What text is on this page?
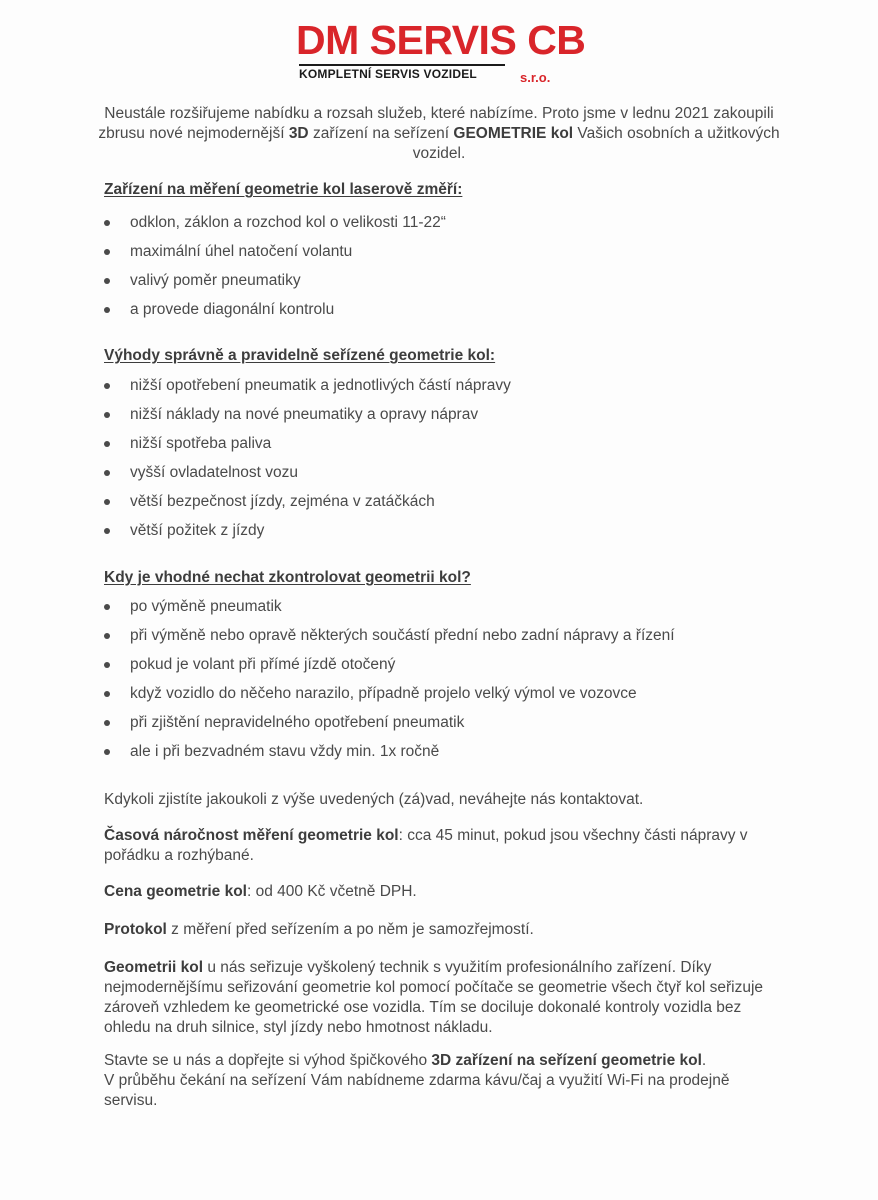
DM SERVIS CB
KOMPLETNÍ SERVIS VOZIDEL	s.r.o.
Neustále rozšiřujeme nabídku a rozsah služeb, které nabízíme. Proto jsme v lednu 2021 zakoupili zbrusu nové nejmodernější 3D zařízení na seřízení GEOMETRIE kol Vašich osobních a užitkových vozidel.
Zařízení na měření geometrie kol laserově změří:
odklon, záklon a rozchod kol o velikosti 11-22“
maximální úhel natočení volantu
valivý poměr pneumatiky
a provede diagonální kontrolu
Výhody správně a pravidelně seřízené geometrie kol:
nižší opotřebení pneumatik a jednotlivých částí nápravy
nižší náklady na nové pneumatiky a opravy náprav
nižší spotřeba paliva
vyšší ovladatelnost vozu
větší bezpečnost jízdy, zejména v zatáčkách
větší požitek z jízdy
Kdy je vhodné nechat zkontrolovat geometrii kol?
po výměně pneumatik
při výměně nebo opravě některých součástí přední nebo zadní nápravy a řízení
pokud je volant při přímé jízdě otočený
když vozidlo do něčeho narazilo, případně projelo velký výmol ve vozovce
při zjištění nepravidelného opotřebení pneumatik
ale i při bezvadném stavu vždy min. 1x ročně
Kdykoli zjistíte jakoukoli z výše uvedených (zá)vad, neváhejte nás kontaktovat.
Časová náročnost měření geometrie kol: cca 45 minut, pokud jsou všechny části nápravy v pořádku a rozhýbané.
Cena geometrie kol: od 400 Kč včetně DPH.
Protokol z měření před seřízením a po něm je samozřejmostí.
Geometrii kol u nás seřizuje vyškolený technik s využitím profesionálního zařízení. Díky nejmodernějšímu seřizování geometrie kol pomocí počítače se geometrie všech čtyř kol seřizuje zároveň vzhledem ke geometrické ose vozidla. Tím se dociluje dokonalé kontroly vozidla bez ohledu na druh silnice, styl jízdy nebo hmotnost nákladu.
Stavte se u nás a dopřejte si výhod špičkového 3D zařízení na seřízení geometrie kol.
V průběhu čekání na seřízení Vám nabídneme zdarma kávu/čaj a využití Wi-Fi na prodejně servisu.
